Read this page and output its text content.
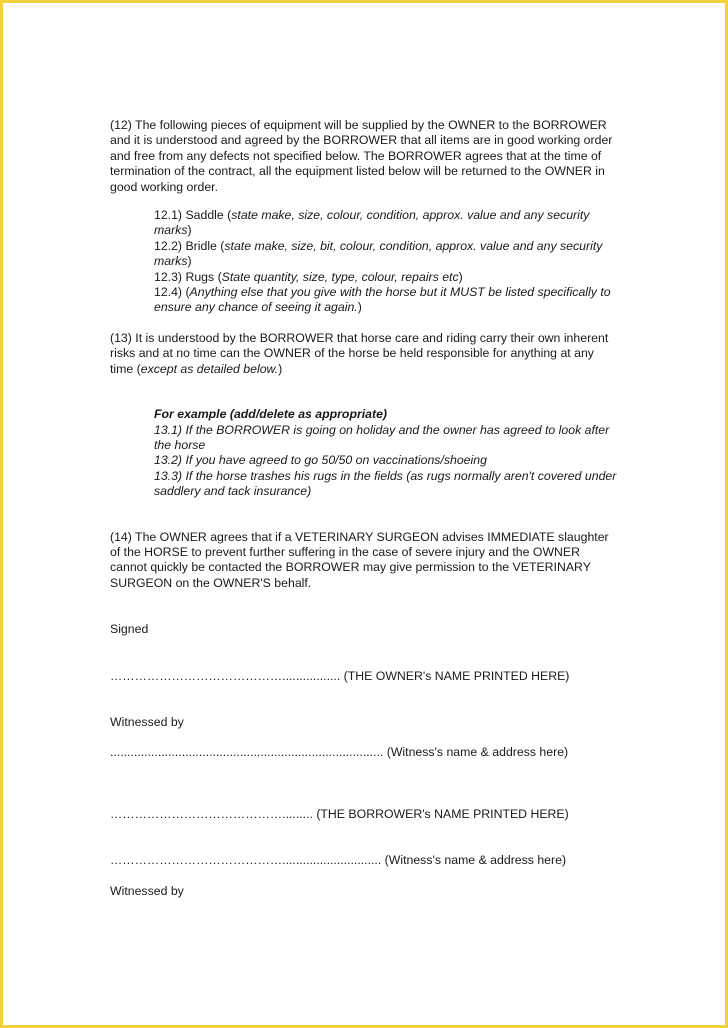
(12) The following pieces of equipment will be supplied by the OWNER to the BORROWER and it is understood and agreed by the BORROWER that all items are in good working order and free from any defects not specified below. The BORROWER agrees that at the time of termination of the contract, all the equipment listed below will be returned to the OWNER in good working order.

12.1) Saddle (state make, size, colour, condition, approx. value and any security marks)

12.2) Bridle (state make, size, bit, colour, condition, approx. value and any security marks)

12.3) Rugs (State quantity, size, type, colour, repairs etc)

12.4) (Anything else that you give with the horse but it MUST be listed specifically to ensure any chance of seeing it again.)

(13) It is understood by the BORROWER that horse care and riding carry their own inherent risks and at no time can the OWNER of the horse be held responsible for anything at any time (except as detailed below.)

For example (add/delete as appropriate)

13.1) If the BORROWER is going on holiday and the owner has agreed to look after the horse

13.2) If you have agreed to go 50/50 on vaccinations/shoeing

13.3) If the horse trashes his rugs in the fields (as rugs normally aren't covered under saddlery and tack insurance)

(14) The OWNER agrees that if a VETERINARY SURGEON advises IMMEDIATE slaughter of the HORSE to prevent further suffering in the case of severe injury and the OWNER cannot quickly be contacted the BORROWER may give permission to the VETERINARY SURGEON on the OWNER'S behalf.

Signed

……………………………………................. (THE OWNER's NAME PRINTED HERE)

Witnessed by

................................................................................ (Witness's name & address here)

……………………………………......... (THE BORROWER's NAME PRINTED HERE)

……………………………………............................. (Witness's name & address here)

Witnessed by
